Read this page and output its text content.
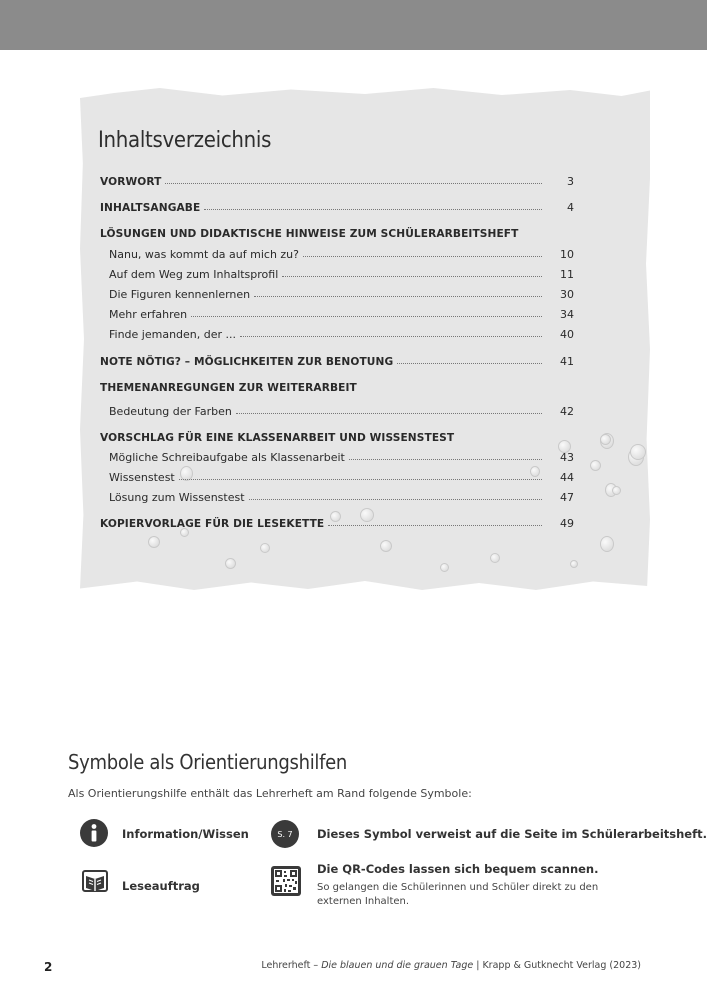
Inhaltsverzeichnis
VORWORT	3
INHALTSANGABE	4
LÖSUNGEN UND DIDAKTISCHE HINWEISE ZUM SCHÜLERARBEITSHEFT
Nanu, was kommt da auf mich zu?	10
Auf dem Weg zum Inhaltsprofil	11
Die Figuren kennenlernen	30
Mehr erfahren	34
Finde jemanden, der ...	40
NOTE NÖTIG? – MÖGLICHKEITEN ZUR BENOTUNG	41
THEMENANREGUNGEN ZUR WEITERARBEIT
Bedeutung der Farben	42
VORSCHLAG FÜR EINE KLASSENARBEIT UND WISSENSTEST
Mögliche Schreibaufgabe als Klassenarbeit	43
Wissenstest	44
Lösung zum Wissenstest	47
KOPIERVORLAGE FÜR DIE LESEKETTE	49
Symbole als Orientierungshilfen
Als Orientierungshilfe enthält das Lehrerheft am Rand folgende Symbole:
Information/Wissen	S. 7 Dieses Symbol verweist auf die Seite im Schülerarbeitsheft.
Leseauftrag
Die QR-Codes lassen sich bequem scannen.
So gelangen die Schülerinnen und Schüler direkt zu den externen Inhalten.
2	Lehrerheft – Die blauen und die grauen Tage | Krapp & Gutknecht Verlag (2023)
